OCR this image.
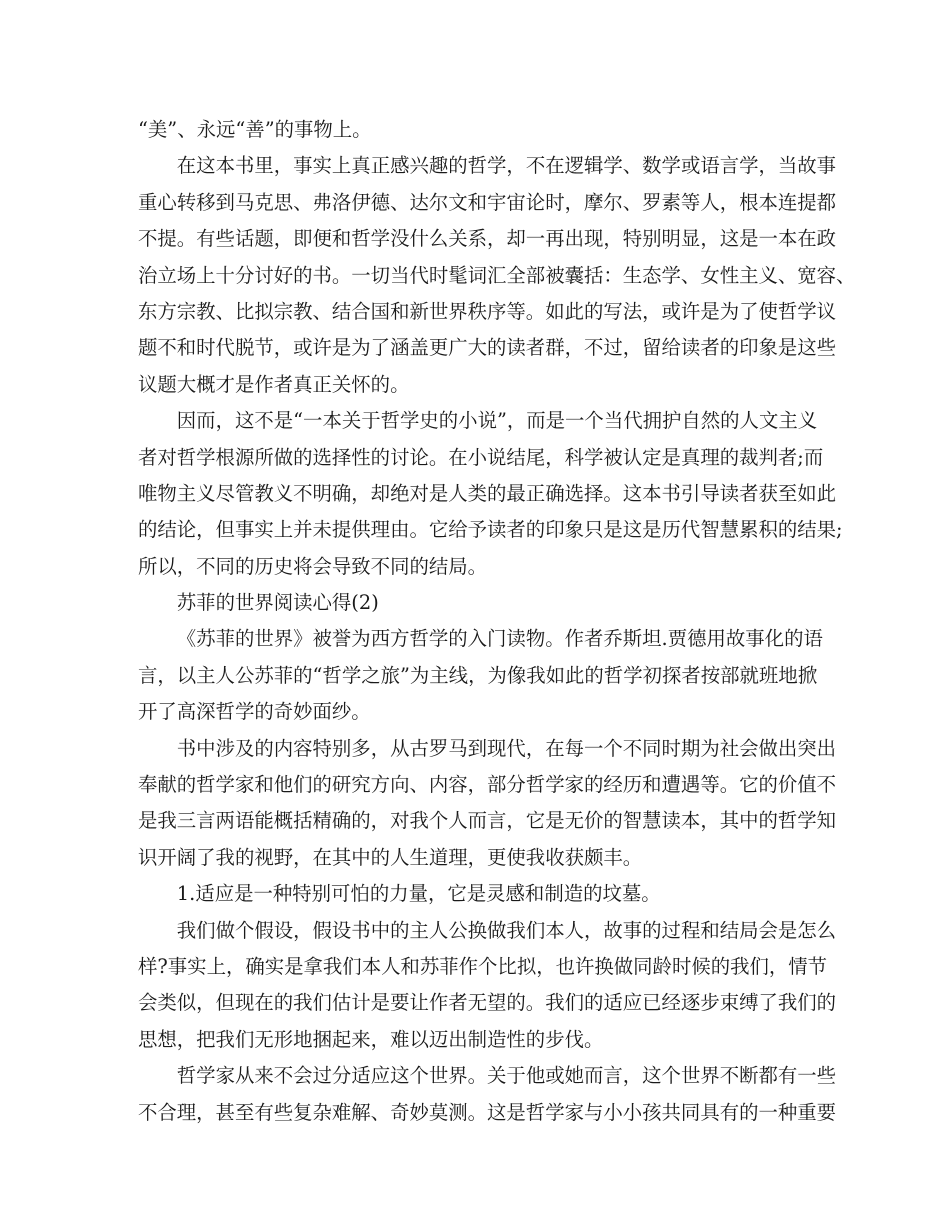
“美”、永远“善”的事物上。

在这本书里，事实上真正感兴趣的哲学，不在逻辑学、数学或语言学，当故事
重心转移到马克思、弗洛伊德、达尔文和宇宙论时，摩尔、罗素等人，根本连提都
不提。有些话题，即便和哲学没什么关系，却一再出现，特别明显，这是一本在政
治立场上十分讨好的书。一切当代时髦词汇全部被囊括：生态学、女性主义、宽容、
东方宗教、比拟宗教、结合国和新世界秩序等。如此的写法，或许是为了使哲学议
题不和时代脱节，或许是为了涵盖更广大的读者群，不过，留给读者的印象是这些
议题大概才是作者真正关怀的。

因而，这不是“一本关于哲学史的小说”，而是一个当代拥护自然的人文主义
者对哲学根源所做的选择性的讨论。在小说结尾，科学被认定是真理的裁判者;而
唯物主义尽管教义不明确，却绝对是人类的最正确选择。这本书引导读者获至如此
的结论，但事实上并未提供理由。它给予读者的印象只是这是历代智慧累积的结果;
所以，不同的历史将会导致不同的结局。

苏菲的世界阅读心得(2)

《苏菲的世界》被誉为西方哲学的入门读物。作者乔斯坦.贾德用故事化的语
言，以主人公苏菲的“哲学之旅”为主线，为像我如此的哲学初探者按部就班地掀
开了高深哲学的奇妙面纱。

书中涉及的内容特别多，从古罗马到现代，在每一个不同时期为社会做出突出
奉献的哲学家和他们的研究方向、内容，部分哲学家的经历和遭遇等。它的价值不
是我三言两语能概括精确的，对我个人而言，它是无价的智慧读本，其中的哲学知
识开阔了我的视野，在其中的人生道理，更使我收获颇丰。

1.适应是一种特别可怕的力量，它是灵感和制造的坟墓。

我们做个假设，假设书中的主人公换做我们本人，故事的过程和结局会是怎么
样?事实上，确实是拿我们本人和苏菲作个比拟，也许换做同龄时候的我们，情节
会类似，但现在的我们估计是要让作者无望的。我们的适应已经逐步束缚了我们的
思想，把我们无形地捆起来，难以迈出制造性的步伐。

哲学家从来不会过分适应这个世界。关于他或她而言，这个世界不断都有一些
不合理，甚至有些复杂难解、奇妙莫测。这是哲学家与小小孩共同具有的一种重要
